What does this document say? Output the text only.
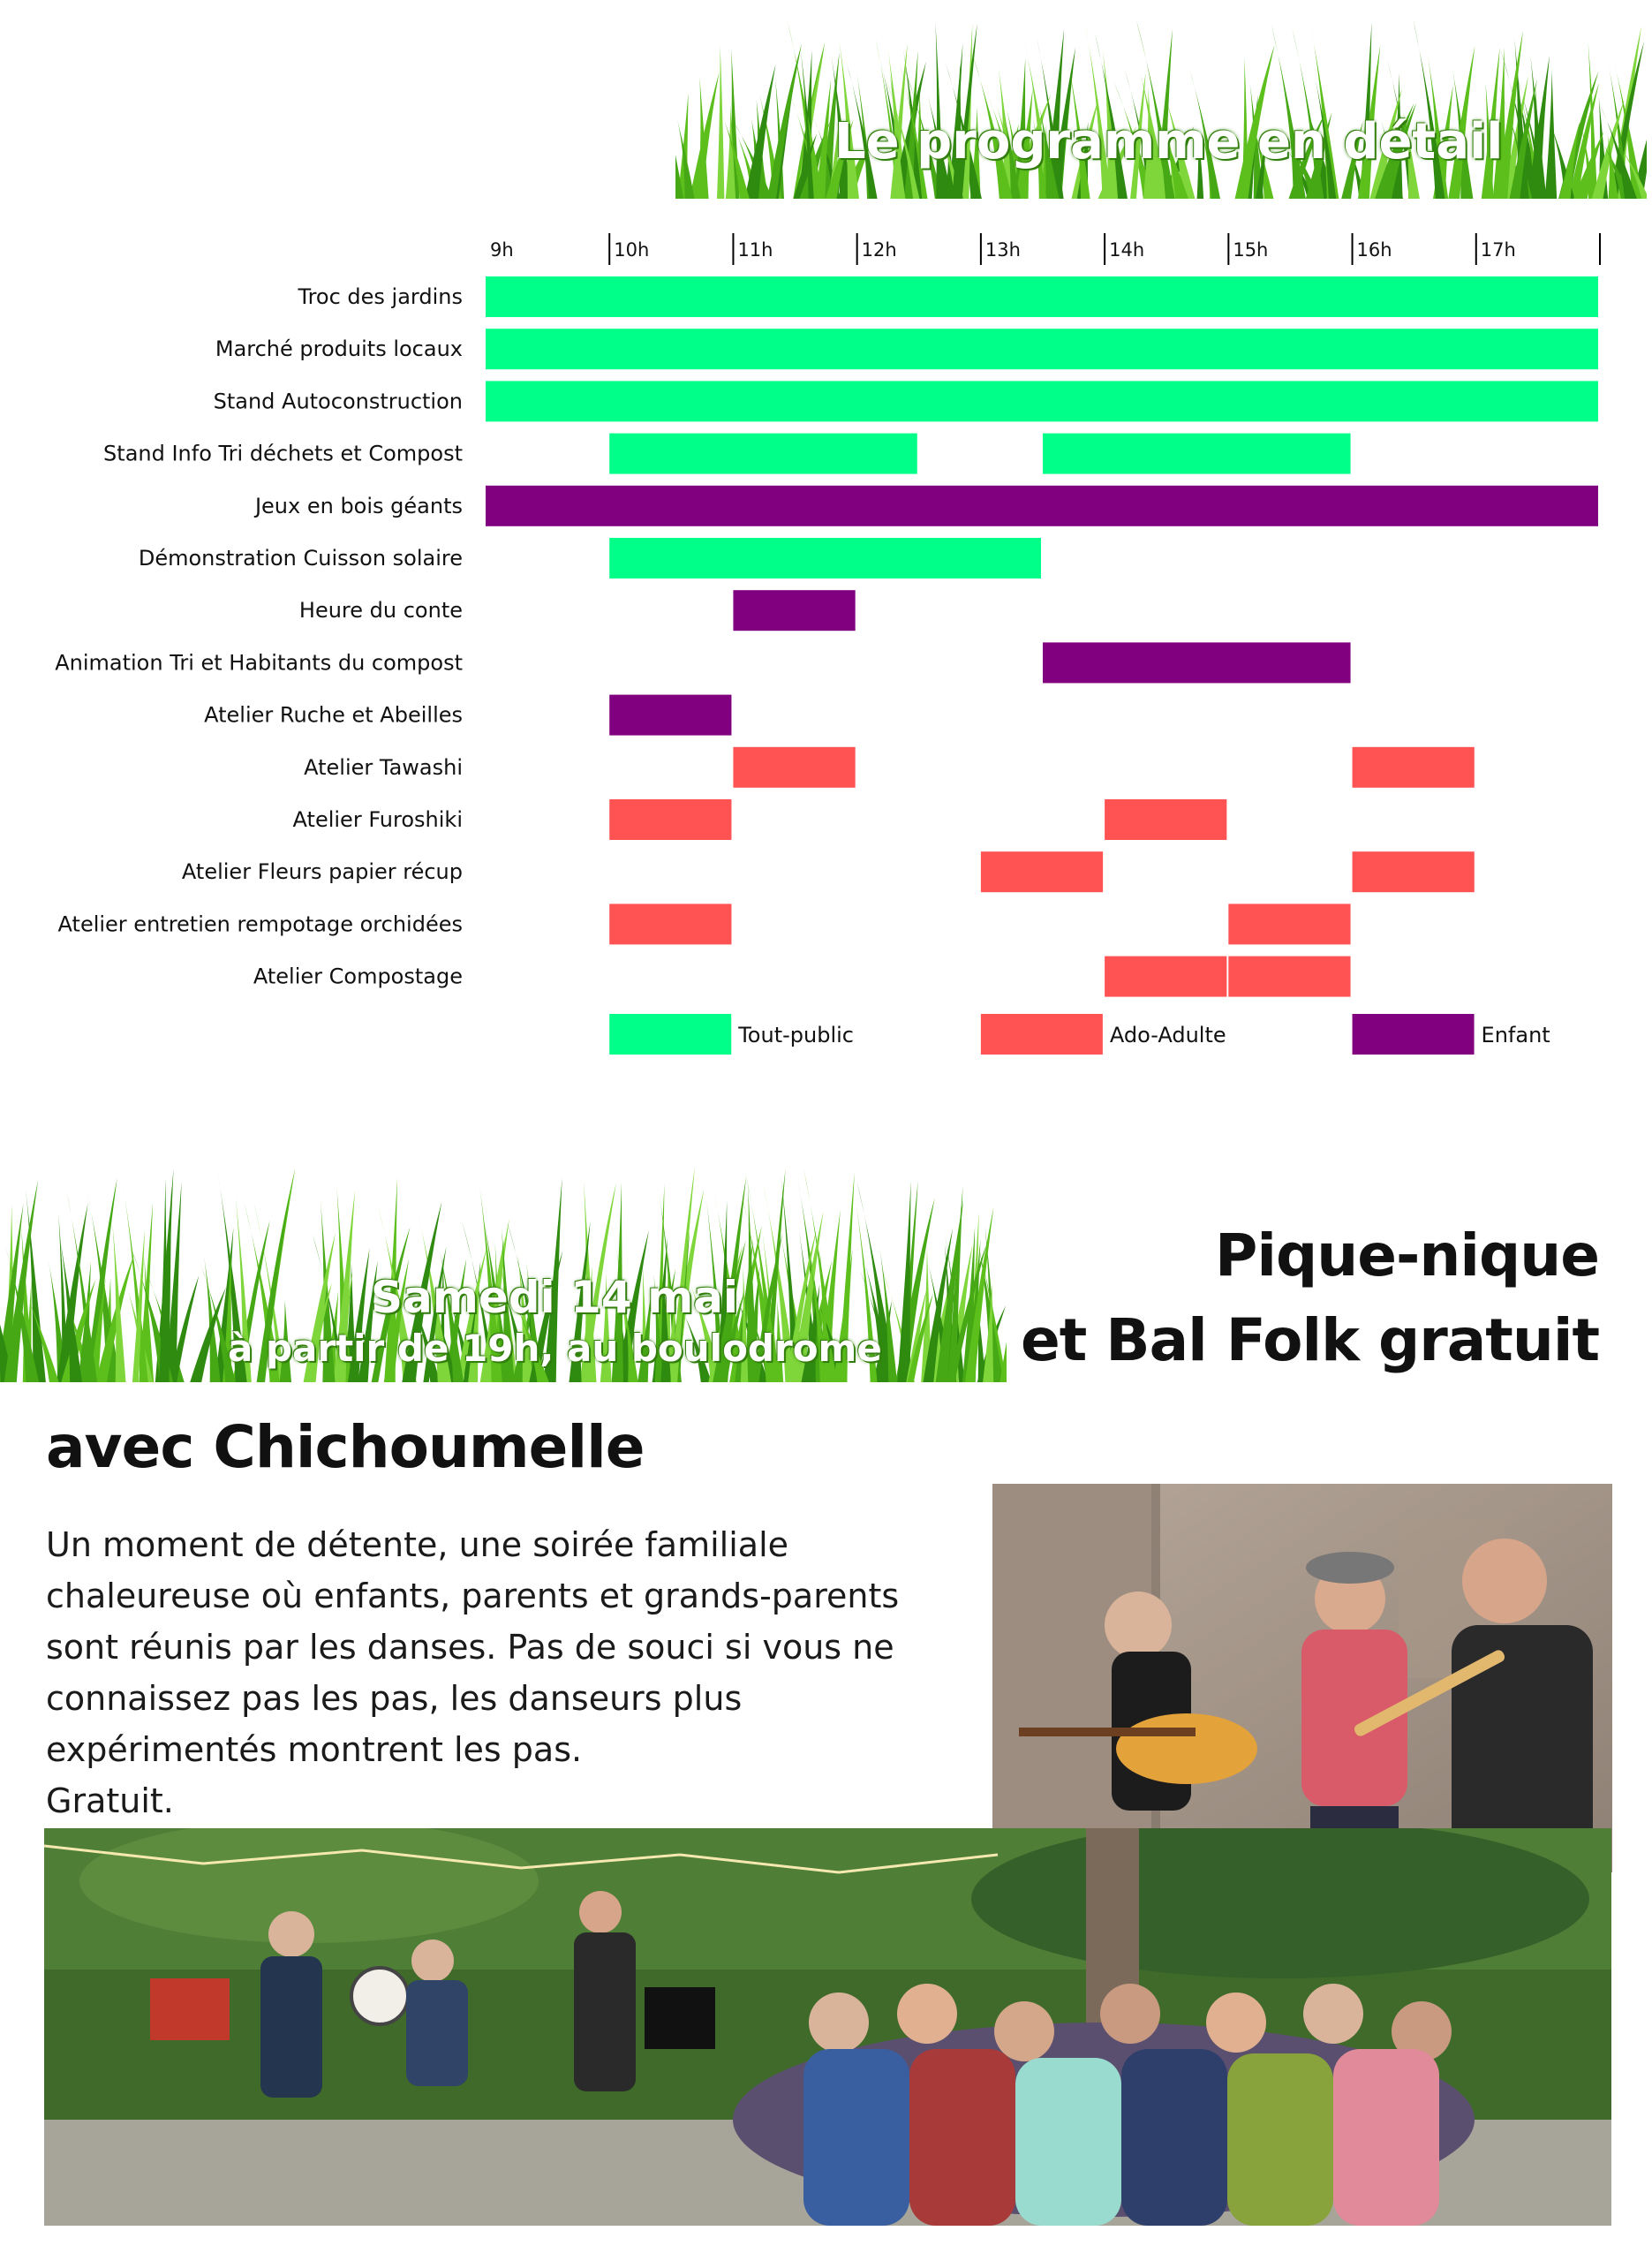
Le programme en détail
9h	10h	11h	12h	13h	14h	15h	16h	17h
Troc des jardins
Marché produits locaux
Stand Autoconstruction
Stand Info Tri déchets et Compost
Jeux en bois géants
Démonstration Cuisson solaire
Heure du conte
Animation Tri et Habitants du compost
Atelier Ruche et Abeilles
Atelier Tawashi
Atelier Furoshiki
Atelier Fleurs papier récup
Atelier entretien rempotage orchidées
Atelier Compostage
Tout-public	Ado-Adulte	Enfant
Samedi 14 mai
à partir de 19h, au boulodrome
Pique-nique
et Bal Folk gratuit
avec Chichoumelle

Un moment de détente, une soirée familiale chaleureuse où enfants, parents et grands-parents sont réunis par les danses. Pas de souci si vous ne connaissez pas les pas, les danseurs plus expérimentés montrent les pas.

Gratuit.
